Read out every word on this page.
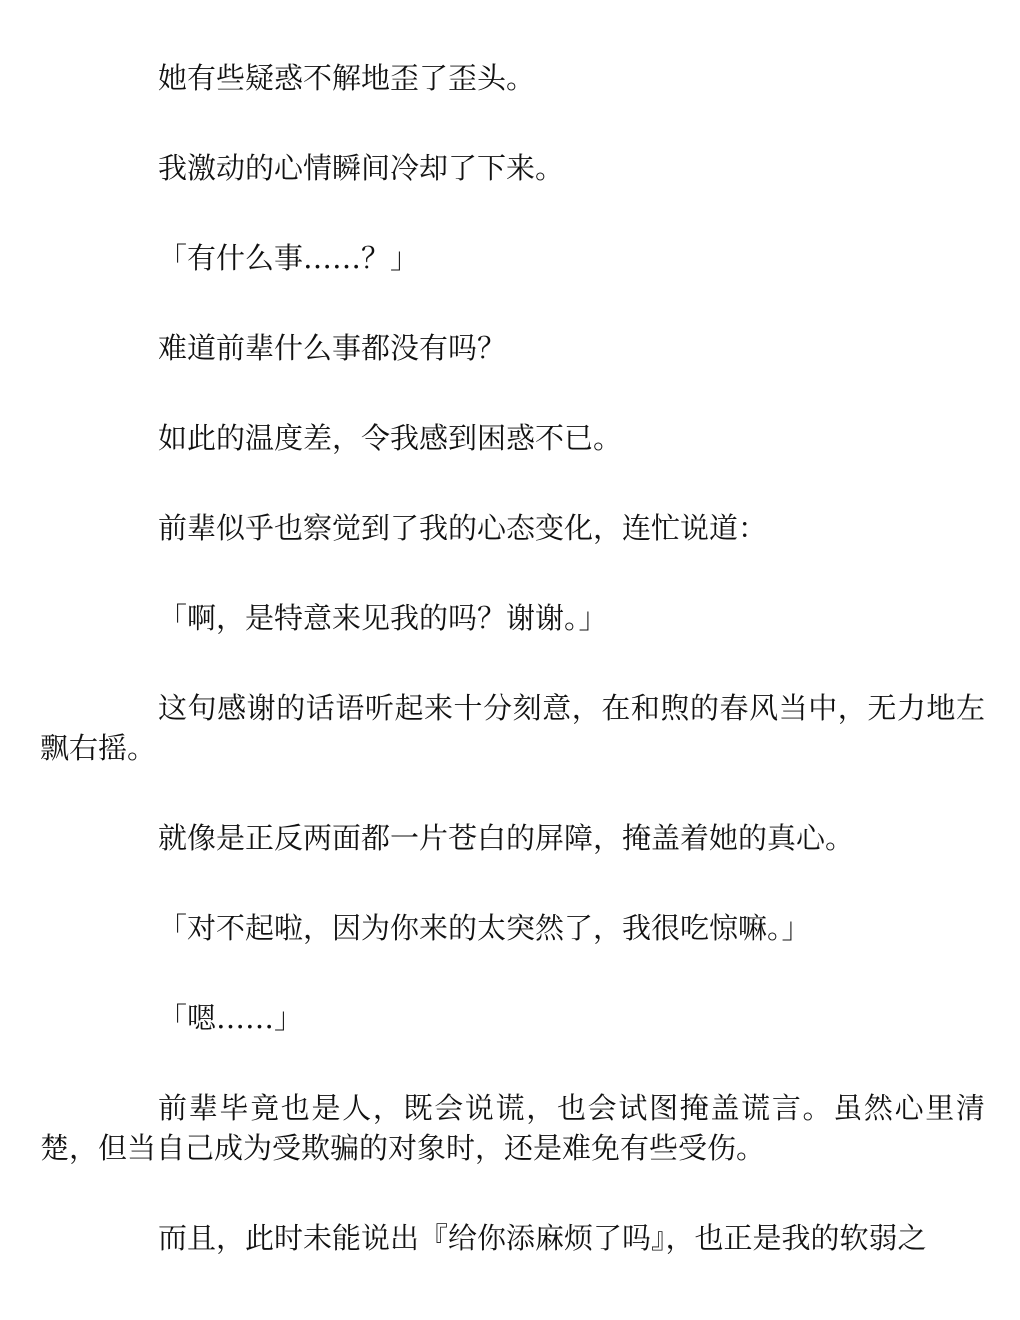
她有些疑惑不解地歪了歪头。

我激动的心情瞬间冷却了下来。

「有什么事……？」

难道前辈什么事都没有吗？

如此的温度差，令我感到困惑不已。

前辈似乎也察觉到了我的心态变化，连忙说道：

「啊，是特意来见我的吗？谢谢。」

这句感谢的话语听起来十分刻意，在和煦的春风当中，无力地左飘右摇。

就像是正反两面都一片苍白的屏障，掩盖着她的真心。

「对不起啦，因为你来的太突然了，我很吃惊嘛。」

「嗯……」

前辈毕竟也是人，既会说谎，也会试图掩盖谎言。虽然心里清楚，但当自己成为受欺骗的对象时，还是难免有些受伤。

而且，此时未能说出『给你添麻烦了吗』，也正是我的软弱之
